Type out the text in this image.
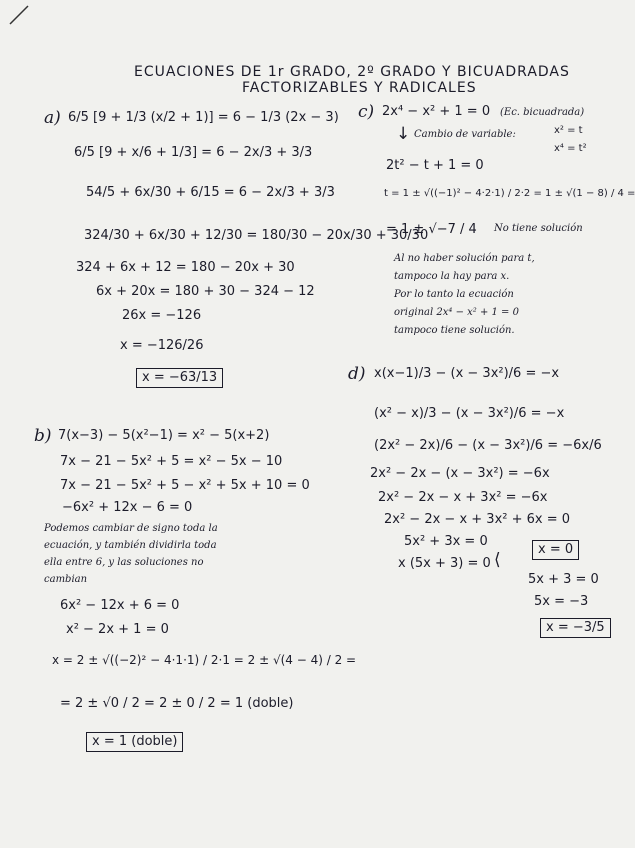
ECUACIONES DE 1r GRADO, 2º GRADO Y BICUADRADAS
FACTORIZABLES Y RADICALES
a) 6/5 [9 + 1/3 (x/2 + 1)] = 6 − 1/3 (2x − 3)
6/5 [9 + x/6 + 1/3] = 6 − 2x/3 + 3/3
54/5 + 6x/30 + 6/15 = 6 − 2x/3 + 3/3
324/30 + 6x/30 + 12/30 = 180/30 − 20x/30 + 30/30
324 + 6x + 12 = 180 − 20x + 30
6x + 20x = 180 + 30 − 324 − 12
26x = −126
x = −126/26
x = −63/13
b) 7(x−3) − 5(x²−1) = x² − 5(x+2)
7x − 21 − 5x² + 5 = x² − 5x − 10
7x − 21 − 5x² + 5 − x² + 5x + 10 = 0
−6x² + 12x − 6 = 0
Podemos cambiar de signo toda la
ecuación, y también dividirla toda
ella entre 6, y las soluciones no
cambian
6x² − 12x + 6 = 0
x² − 2x + 1 = 0
x = 2 ± √((−2)² − 4·1·1) / 2·1 = 2 ± √(4 − 4) / 2 =
= 2 ± √0 / 2 = 2 ± 0 / 2 = 1 (doble)
x = 1 (doble)
c) 2x⁴ − x² + 1 = 0 (Ec. bicuadrada)
↓ Cambio de variable:	x² = t
x⁴ = t²
2t² − t + 1 = 0
t = 1 ± √((−1)² − 4·2·1) / 2·2 = 1 ± √(1 − 8) / 4 =
= 1 ± √−7 / 4 No tiene solución
Al no haber solución para t,
tampoco la hay para x.
Por lo tanto la ecuación
original 2x⁴ − x² + 1 = 0
tampoco tiene solución.
d) x(x−1)/3 − (x − 3x²)/6 = −x
(x² − x)/3 − (x − 3x²)/6 = −x
(2x² − 2x)/6 − (x − 3x²)/6 = −6x/6
2x² − 2x − (x − 3x²) = −6x
2x² − 2x − x + 3x² = −6x
2x² − 2x − x + 3x² + 6x = 0
5x² + 3x = 0
x (5x + 3) = 0 ⟨
x = 0
5x + 3 = 0
5x = −3
x = −3/5
